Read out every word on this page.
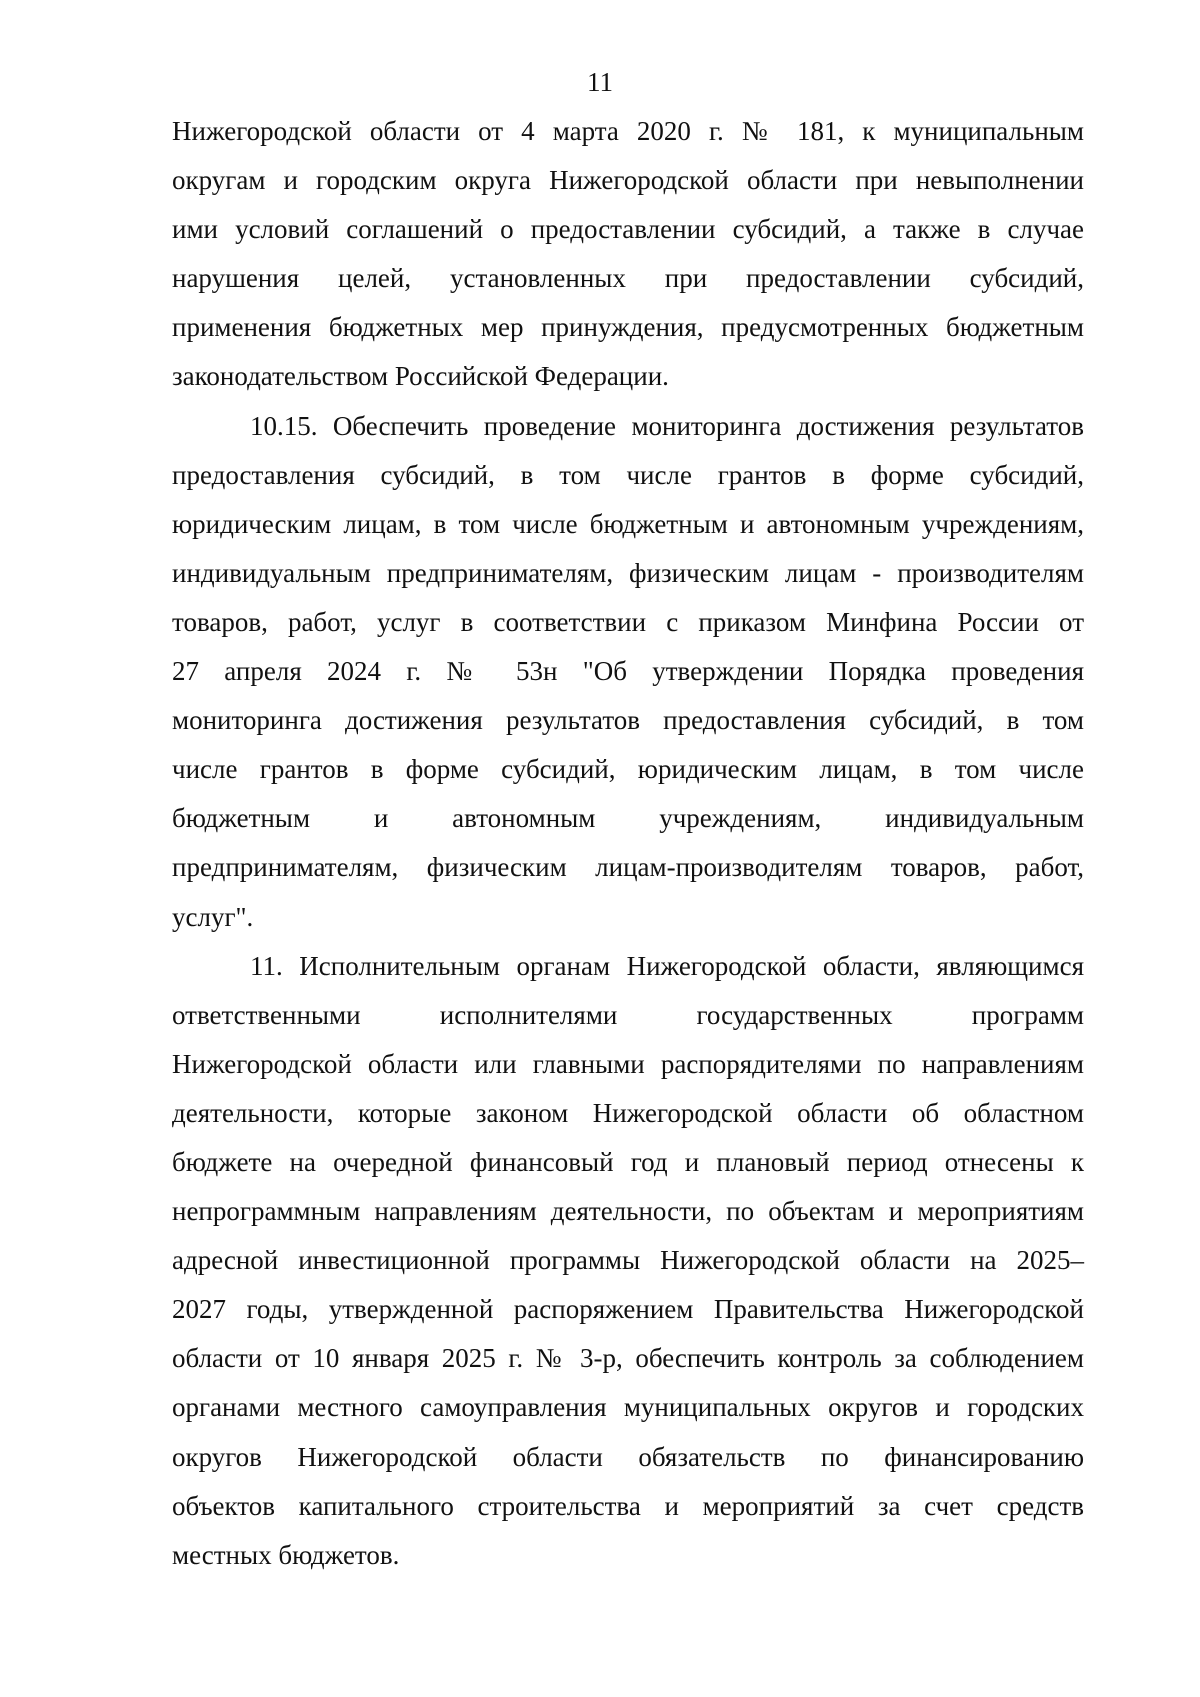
11
Нижегородской области от 4 марта 2020 г. № 181, к муниципальным
округам и городским округа Нижегородской области при невыполнении
ими условий соглашений о предоставлении субсидий, а также в случае
нарушения целей, установленных при предоставлении субсидий,
применения бюджетных мер принуждения, предусмотренных бюджетным
законодательством Российской Федерации.
10.15. Обеспечить проведение мониторинга достижения результатов
предоставления субсидий, в том числе грантов в форме субсидий,
юридическим лицам, в том числе бюджетным и автономным учреждениям,
индивидуальным предпринимателям, физическим лицам - производителям
товаров, работ, услуг в соответствии с приказом Минфина России от
27 апреля 2024 г. № 53н "Об утверждении Порядка проведения
мониторинга достижения результатов предоставления субсидий, в том
числе грантов в форме субсидий, юридическим лицам, в том числе
бюджетным и автономным учреждениям, индивидуальным
предпринимателям, физическим лицам-производителям товаров, работ,
услуг".
11. Исполнительным органам Нижегородской области, являющимся
ответственными исполнителями государственных программ
Нижегородской области или главными распорядителями по направлениям
деятельности, которые законом Нижегородской области об областном
бюджете на очередной финансовый год и плановый период отнесены к
непрограммным направлениям деятельности, по объектам и мероприятиям
адресной инвестиционной программы Нижегородской области на 2025–
2027 годы, утвержденной распоряжением Правительства Нижегородской
области от 10 января 2025 г. № 3-р, обеспечить контроль за соблюдением
органами местного самоуправления муниципальных округов и городских
округов Нижегородской области обязательств по финансированию
объектов капитального строительства и мероприятий за счет средств
местных бюджетов.
